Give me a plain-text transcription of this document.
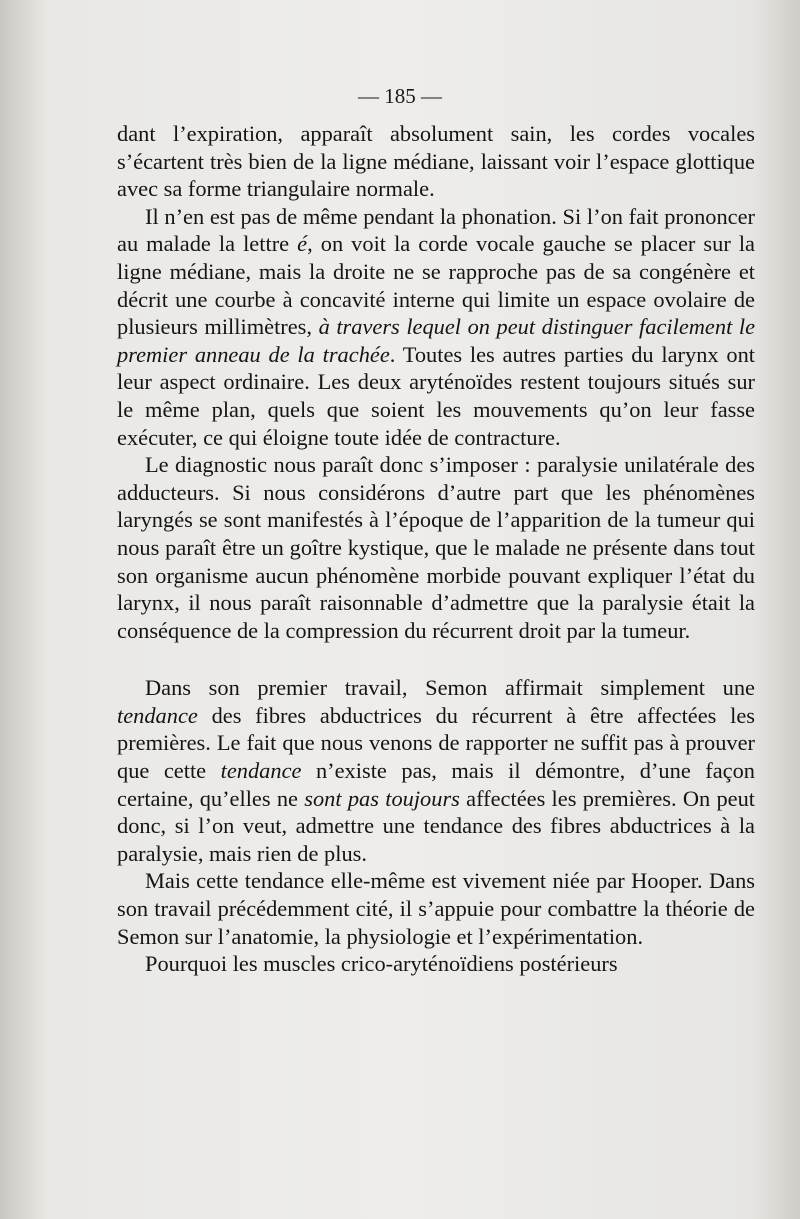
— 185 —

dant l’expiration, apparaît absolument sain, les cordes vocales s’écartent très bien de la ligne médiane, laissant voir l’espace glottique avec sa forme triangulaire normale.

Il n’en est pas de même pendant la phonation. Si l’on fait prononcer au malade la lettre é, on voit la corde vocale gauche se placer sur la ligne médiane, mais la droite ne se rapproche pas de sa congénère et décrit une courbe à concavité interne qui limite un espace ovolaire de plusieurs millimètres, à travers lequel on peut distinguer facilement le premier anneau de la trachée. Toutes les autres parties du larynx ont leur aspect ordinaire. Les deux aryténoïdes restent toujours situés sur le même plan, quels que soient les mouvements qu’on leur fasse exécuter, ce qui éloigne toute idée de contracture.

Le diagnostic nous paraît donc s’imposer : paralysie unilatérale des adducteurs. Si nous considérons d’autre part que les phénomènes laryngés se sont manifestés à l’époque de l’apparition de la tumeur qui nous paraît être un goître kystique, que le malade ne présente dans tout son organisme aucun phénomène morbide pouvant expliquer l’état du larynx, il nous paraît raisonnable d’admettre que la paralysie était la conséquence de la compression du récurrent droit par la tumeur.

Dans son premier travail, Semon affirmait simplement une tendance des fibres abductrices du récurrent à être affectées les premières. Le fait que nous venons de rapporter ne suffit pas à prouver que cette tendance n’existe pas, mais il démontre, d’une façon certaine, qu’elles ne sont pas toujours affectées les premières. On peut donc, si l’on veut, admettre une tendance des fibres abductrices à la paralysie, mais rien de plus.

Mais cette tendance elle-même est vivement niée par Hooper. Dans son travail précédemment cité, il s’appuie pour combattre la théorie de Semon sur l’anatomie, la physiologie et l’expérimentation.

Pourquoi les muscles crico-aryténoïdiens postérieurs
